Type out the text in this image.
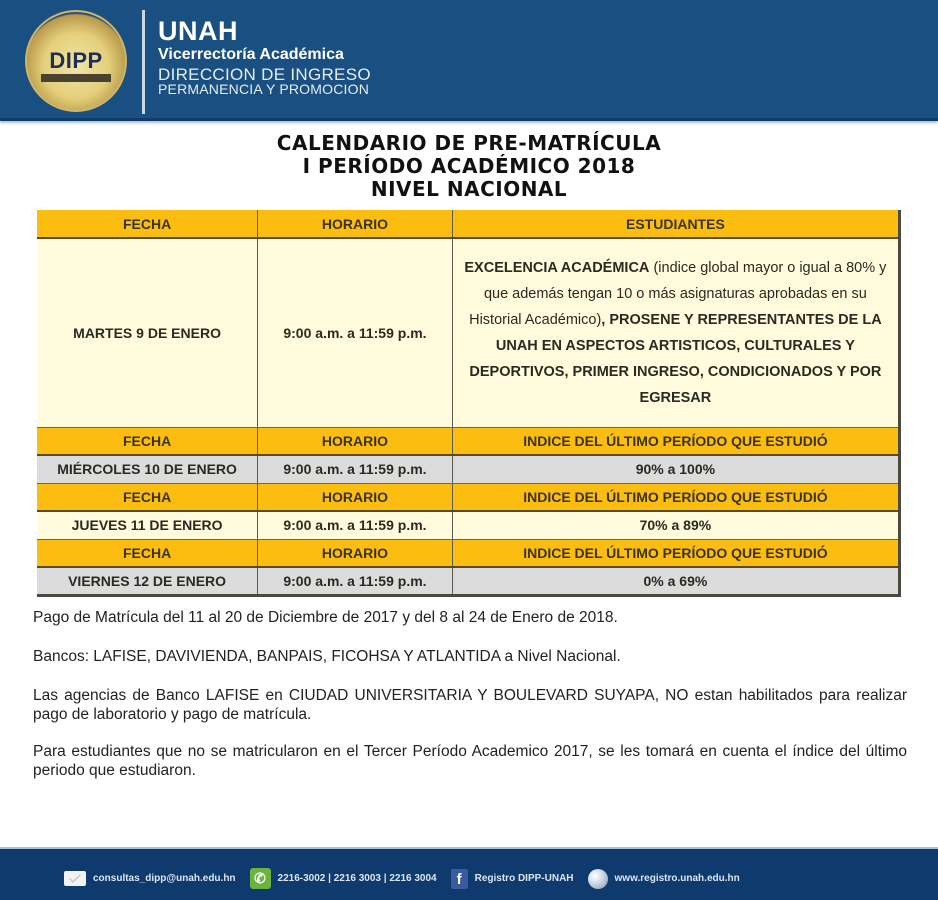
DIPP
UNAH
Vicerrectoría Académica
DIRECCION DE INGRESO
PERMANENCIA Y PROMOCION
CALENDARIO DE PRE-MATRÍCULA
I PERÍODO ACADÉMICO 2018
NIVEL NACIONAL
FECHA	HORARIO	ESTUDIANTES
MARTES 9 DE ENERO	9:00 a.m. a 11:59 p.m.	EXCELENCIA ACADÉMICA (indice global mayor o igual a 80% y que además tengan 10 o más asignaturas aprobadas en su Historial Académico), PROSENE Y REPRESENTANTES DE LA UNAH EN ASPECTOS ARTISTICOS, CULTURALES Y DEPORTIVOS, PRIMER INGRESO, CONDICIONADOS Y POR EGRESAR

FECHA	HORARIO	INDICE DEL ÚLTIMO PERÍODO QUE ESTUDIÓ
MIÉRCOLES 10 DE ENERO	9:00 a.m. a 11:59 p.m.	90% a 100%
FECHA	HORARIO	INDICE DEL ÚLTIMO PERÍODO QUE ESTUDIÓ
JUEVES 11 DE ENERO	9:00 a.m. a 11:59 p.m.	70% a 89%
FECHA	HORARIO	INDICE DEL ÚLTIMO PERÍODO QUE ESTUDIÓ
VIERNES 12 DE ENERO	9:00 a.m. a 11:59 p.m.	0% a 69%

Pago de Matrícula del 11 al 20 de Diciembre de 2017 y del 8 al 24 de Enero de 2018.

Bancos: LAFISE, DAVIVIENDA, BANPAIS, FICOHSA Y ATLANTIDA a Nivel Nacional.

Las agencias de Banco LAFISE en CIUDAD UNIVERSITARIA Y BOULEVARD SUYAPA, NO estan habilitados para realizar pago de laboratorio y pago de matrícula.

Para estudiantes que no se matricularon en el Tercer Período Academico 2017, se les tomará en cuenta el índice del último periodo que estudiaron.

consultas_dipp@unah.edu.hn	✆	2216-3002 | 2216 3003 | 2216 3004	f	Registro DIPP-UNAH	www.registro.unah.edu.hn
